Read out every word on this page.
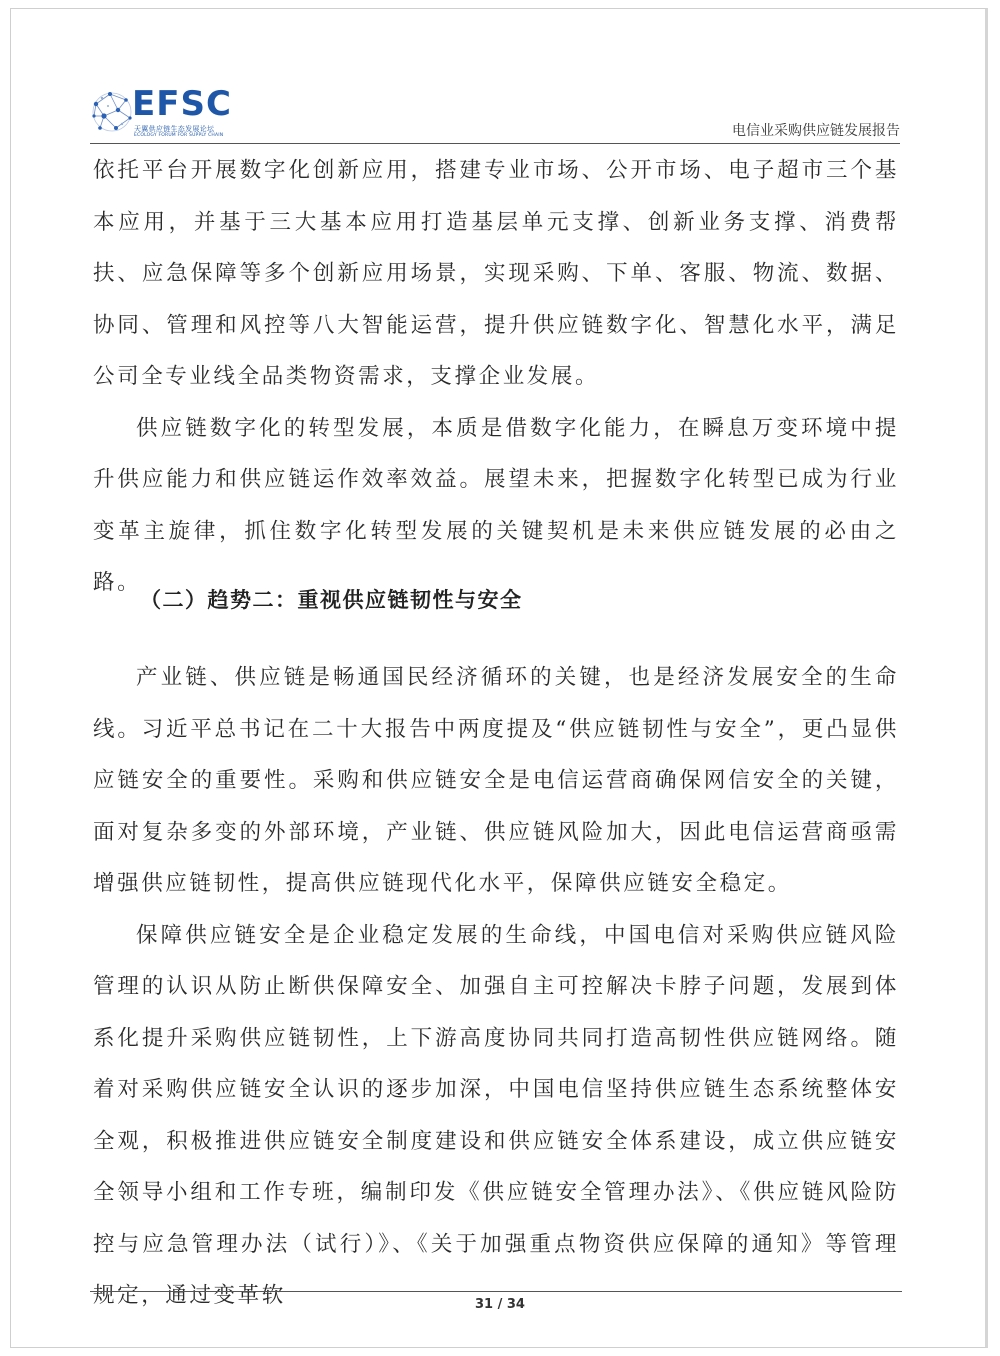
EFSC
天翼供应链生态发展论坛
ECOLOGY FORUM FOR SUPPLY CHAIN	电信业采购供应链发展报告

依托平台开展数字化创新应用，搭建专业市场、公开市场、电子超市三个基本应用，并基于三大基本应用打造基层单元支撑、创新业务支撑、消费帮扶、应急保障等多个创新应用场景，实现采购、下单、客服、物流、数据、协同、管理和风控等八大智能运营，提升供应链数字化、智慧化水平，满足公司全专业线全品类物资需求，支撑企业发展。

供应链数字化的转型发展，本质是借数字化能力，在瞬息万变环境中提升供应能力和供应链运作效率效益。展望未来，把握数字化转型已成为行业变革主旋律，抓住数字化转型发展的关键契机是未来供应链发展的必由之路。

（二）趋势二：重视供应链韧性与安全

产业链、供应链是畅通国民经济循环的关键，也是经济发展安全的生命线。习近平总书记在二十大报告中两度提及“供应链韧性与安全”，更凸显供应链安全的重要性。采购和供应链安全是电信运营商确保网信安全的关键，面对复杂多变的外部环境，产业链、供应链风险加大，因此电信运营商亟需增强供应链韧性，提高供应链现代化水平，保障供应链安全稳定。

保障供应链安全是企业稳定发展的生命线，中国电信对采购供应链风险管理的认识从防止断供保障安全、加强自主可控解决卡脖子问题，发展到体系化提升采购供应链韧性，上下游高度协同共同打造高韧性供应链网络。随着对采购供应链安全认识的逐步加深，中国电信坚持供应链生态系统整体安全观，积极推进供应链安全制度建设和供应链安全体系建设，成立供应链安全领导小组和工作专班，编制印发《供应链安全管理办法》、《供应链风险防控与应急管理办法（试行）》、《关于加强重点物资供应保障的通知》等管理规定，通过变革软	31 / 34
